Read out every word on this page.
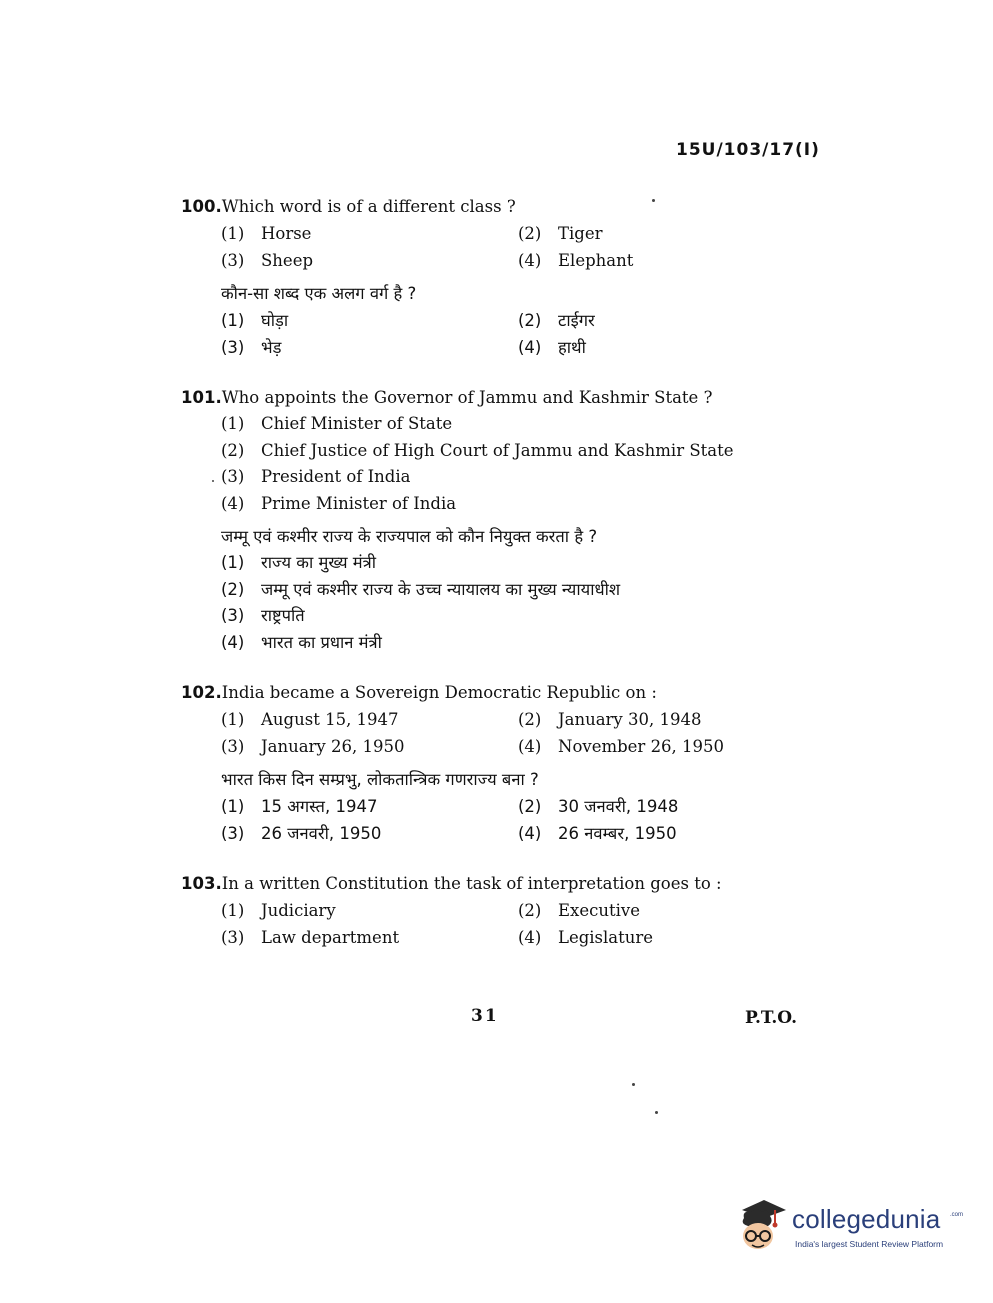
15U/103/17(I)
100.Which word is of a different class ?
(1) Horse	(2) Tiger
(3) Sheep	(4) Elephant
कौन-सा शब्द एक अलग वर्ग है ?
(1) घोड़ा	(2) टाईगर
(3) भेड़	(4) हाथी
101.Who appoints the Governor of Jammu and Kashmir State ?
(1) Chief Minister of State
(2) Chief Justice of High Court of Jammu and Kashmir State
(3) President of India
(4) Prime Minister of India
जम्मू एवं कश्मीर राज्य के राज्यपाल को कौन नियुक्त करता है ?
(1) राज्य का मुख्य मंत्री
(2) जम्मू एवं कश्मीर राज्य के उच्च न्यायालय का मुख्य न्यायाधीश
(3) राष्ट्रपति
(4) भारत का प्रधान मंत्री
102.India became a Sovereign Democratic Republic on :
(1) August 15, 1947	(2) January 30, 1948
(3) January 26, 1950	(4) November 26, 1950
भारत किस दिन सम्प्रभु, लोकतान्त्रिक गणराज्य बना ?
(1) 15 अगस्त, 1947	(2) 30 जनवरी, 1948
(3) 26 जनवरी, 1950	(4) 26 नवम्बर, 1950
103.In a written Constitution the task of interpretation goes to :
(1) Judiciary	(2) Executive
(3) Law department	(4) Legislature
31	P.T.O.
collegedunia .com
India's largest Student Review Platform
